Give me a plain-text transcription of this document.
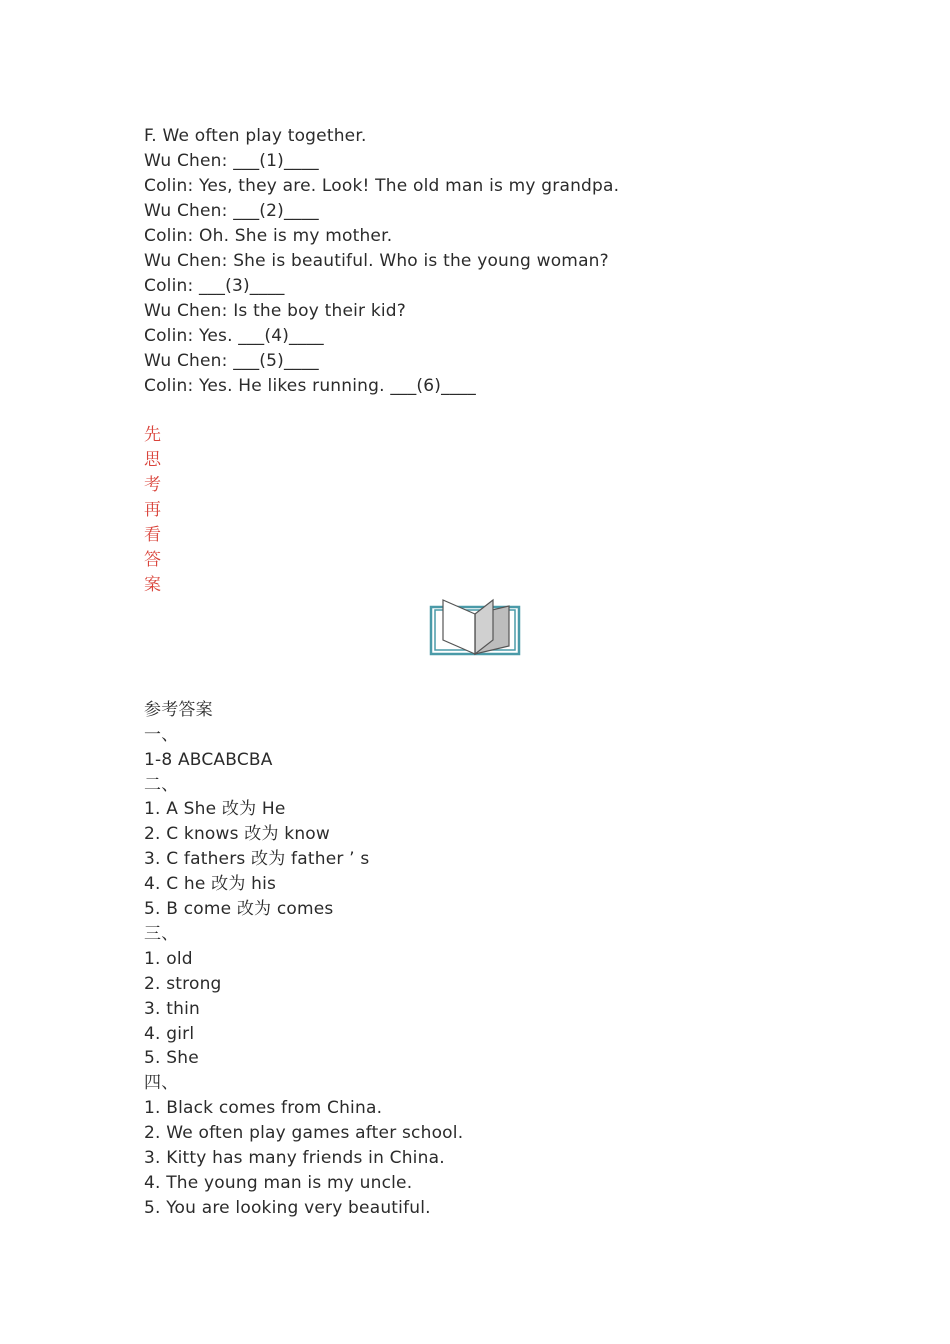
F. We often play together.
Wu Chen: ___(1)____
Colin: Yes, they are. Look! The old man is my grandpa.
Wu Chen: ___(2)____
Colin: Oh. She is my mother.
Wu Chen: She is beautiful. Who is the young woman?
Colin: ___(3)____
Wu Chen: Is the boy their kid?
Colin: Yes. ___(4)____
Wu Chen: ___(5)____
Colin: Yes. He likes running. ___(6)____
先
思
考
再
看
答
案
参考答案
一、
1-8 ABCABCBA
二、
1. A She 改为 He
2. C knows 改为 know
3. C fathers 改为 father ’ s
4. C he 改为 his
5. B come 改为 comes
三、
1. old
2. strong
3. thin
4. girl
5. She
四、
1. Black comes from China.
2. We often play games after school.
3. Kitty has many friends in China.
4. The young man is my uncle.
5. You are looking very beautiful.
